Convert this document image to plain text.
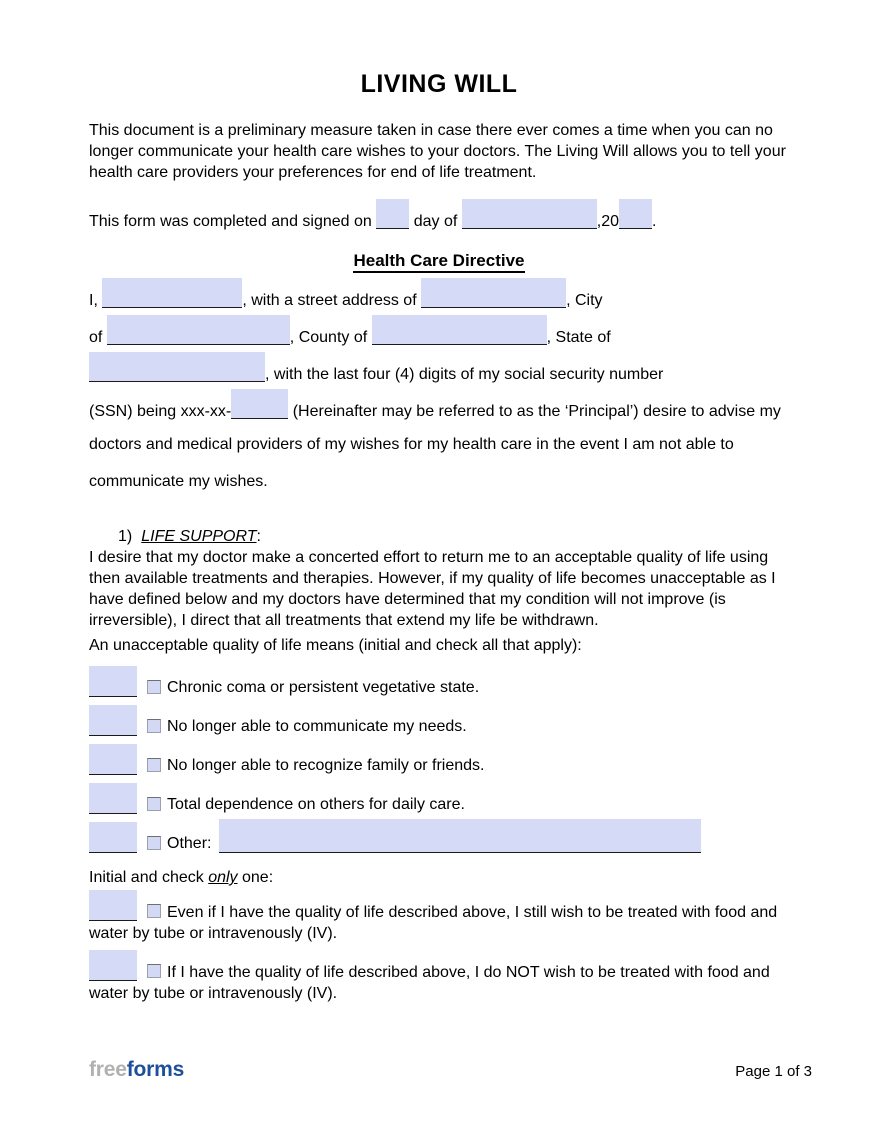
LIVING WILL

This document is a preliminary measure taken in case there ever comes a time when you can no longer communicate your health care wishes to your doctors. The Living Will allows you to tell your health care providers your preferences for end of life treatment.

This form was completed and signed on	day of	,20 .
Health Care Directive
I,	, with a street address of	, City
of	, County of	, State of
, with the last four (4) digits of my social security number
(SSN) being xxx-xx-	(Hereinafter may be referred to as the ‘Principal’) desire to advise my
doctors and medical providers of my wishes for my health care in the event I am not able to
communicate my wishes.
1) LIFE SUPPORT:

I desire that my doctor make a concerted effort to return me to an acceptable quality of life using then available treatments and therapies. However, if my quality of life becomes unacceptable as I have defined below and my doctors have determined that my condition will not improve (is irreversible), I direct that all treatments that extend my life be withdrawn.

An unacceptable quality of life means (initial and check all that apply):

Chronic coma or persistent vegetative state.
No longer able to communicate my needs.
No longer able to recognize family or friends.
Total dependence on others for daily care.
Other:

Initial and check only one:

Even if I have the quality of life described above, I still wish to be treated with food and water by tube or intravenously (IV).

If I have the quality of life described above, I do NOT wish to be treated with food and water by tube or intravenously (IV).

freeforms	Page 1 of 3
